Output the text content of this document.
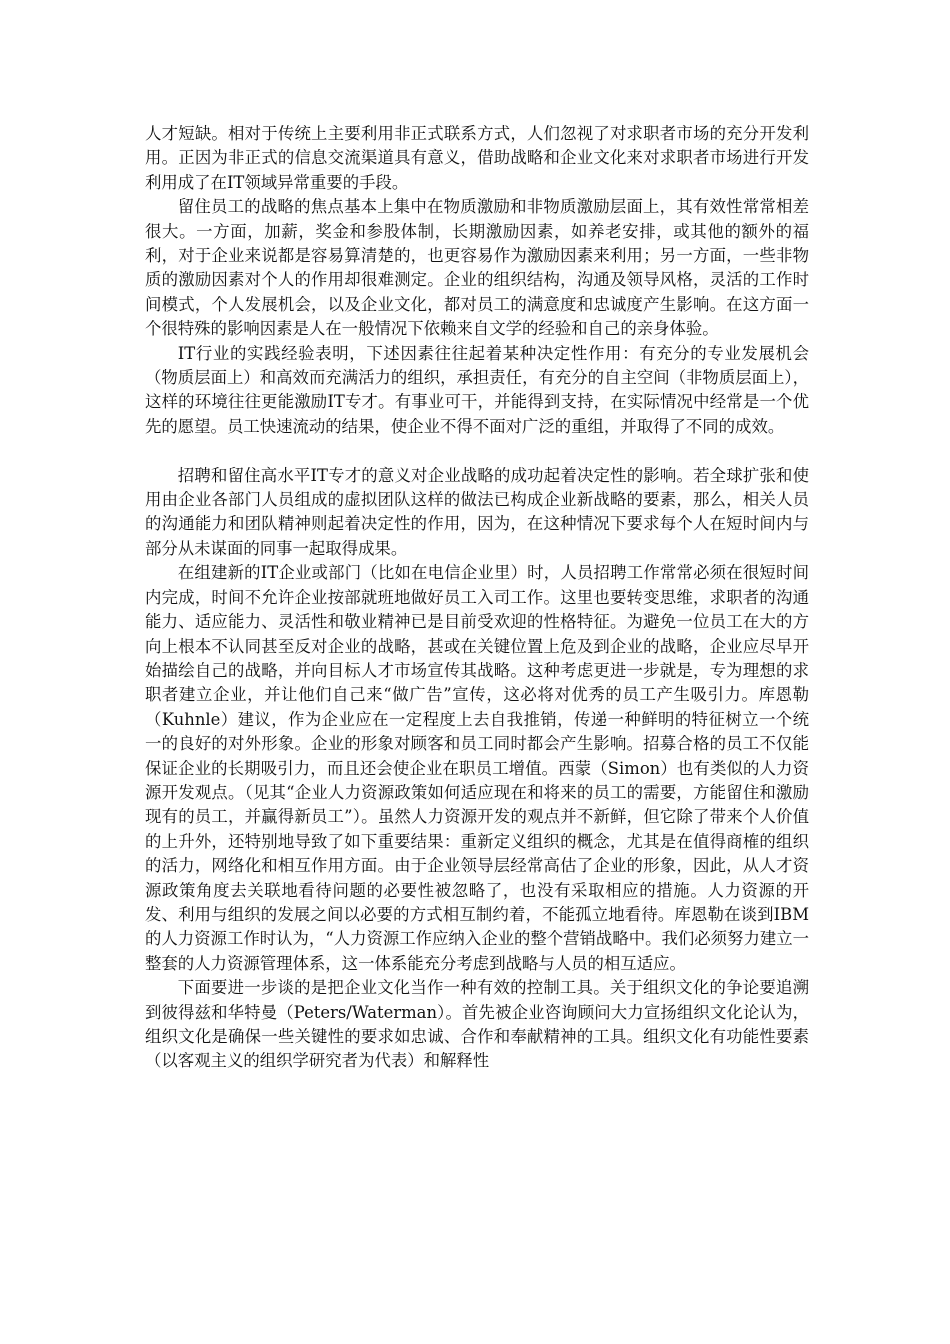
人才短缺。相对于传统上主要利用非正式联系方式，人们忽视了对求职者市场的充分开发利用。正因为非正式的信息交流渠道具有意义，借助战略和企业文化来对求职者市场进行开发利用成了在IT领域异常重要的手段。

留住员工的战略的焦点基本上集中在物质激励和非物质激励层面上，其有效性常常相差很大。一方面，加薪，奖金和参股体制，长期激励因素，如养老安排，或其他的额外的福利，对于企业来说都是容易算清楚的，也更容易作为激励因素来利用；另一方面，一些非物质的激励因素对个人的作用却很难测定。企业的组织结构，沟通及领导风格，灵活的工作时间模式，个人发展机会，以及企业文化，都对员工的满意度和忠诚度产生影响。在这方面一个很特殊的影响因素是人在一般情况下依赖来自文学的经验和自己的亲身体验。

IT行业的实践经验表明，下述因素往往起着某种决定性作用：有充分的专业发展机会（物质层面上）和高效而充满活力的组织，承担责任，有充分的自主空间（非物质层面上），这样的环境往往更能激励IT专才。有事业可干，并能得到支持，在实际情况中经常是一个优先的愿望。员工快速流动的结果，使企业不得不面对广泛的重组，并取得了不同的成效。

招聘和留住高水平IT专才的意义对企业战略的成功起着决定性的影响。若全球扩张和使用由企业各部门人员组成的虚拟团队这样的做法已构成企业新战略的要素，那么，相关人员的沟通能力和团队精神则起着决定性的作用，因为，在这种情况下要求每个人在短时间内与部分从未谋面的同事一起取得成果。

在组建新的IT企业或部门（比如在电信企业里）时，人员招聘工作常常必须在很短时间内完成，时间不允许企业按部就班地做好员工入司工作。这里也要转变思维，求职者的沟通能力、适应能力、灵活性和敬业精神已是目前受欢迎的性格特征。为避免一位员工在大的方向上根本不认同甚至反对企业的战略，甚或在关键位置上危及到企业的战略，企业应尽早开始描绘自己的战略，并向目标人才市场宣传其战略。这种考虑更进一步就是，专为理想的求职者建立企业，并让他们自己来“做广告”宣传，这必将对优秀的员工产生吸引力。库恩勒（Kuhnle）建议，作为企业应在一定程度上去自我推销，传递一种鲜明的特征树立一个统一的良好的对外形象。企业的形象对顾客和员工同时都会产生影响。招募合格的员工不仅能保证企业的长期吸引力，而且还会使企业在职员工增值。西蒙（Simon）也有类似的人力资源开发观点。（见其“企业人力资源政策如何适应现在和将来的员工的需要，方能留住和激励现有的员工，并赢得新员工”）。虽然人力资源开发的观点并不新鲜，但它除了带来个人价值的上升外，还特别地导致了如下重要结果：重新定义组织的概念，尤其是在值得商榷的组织的活力，网络化和相互作用方面。由于企业领导层经常高估了企业的形象，因此，从人才资源政策角度去关联地看待问题的必要性被忽略了，也没有采取相应的措施。人力资源的开发、利用与组织的发展之间以必要的方式相互制约着，不能孤立地看待。库恩勒在谈到IBM的人力资源工作时认为，“人力资源工作应纳入企业的整个营销战略中。我们必须努力建立一整套的人力资源管理体系，这一体系能充分考虑到战略与人员的相互适应。

下面要进一步谈的是把企业文化当作一种有效的控制工具。关于组织文化的争论要追溯到彼得兹和华特曼（Peters/Waterman）。首先被企业咨询顾问大力宣扬组织文化论认为，组织文化是确保一些关键性的要求如忠诚、合作和奉献精神的工具。组织文化有功能性要素（以客观主义的组织学研究者为代表）和解释性
